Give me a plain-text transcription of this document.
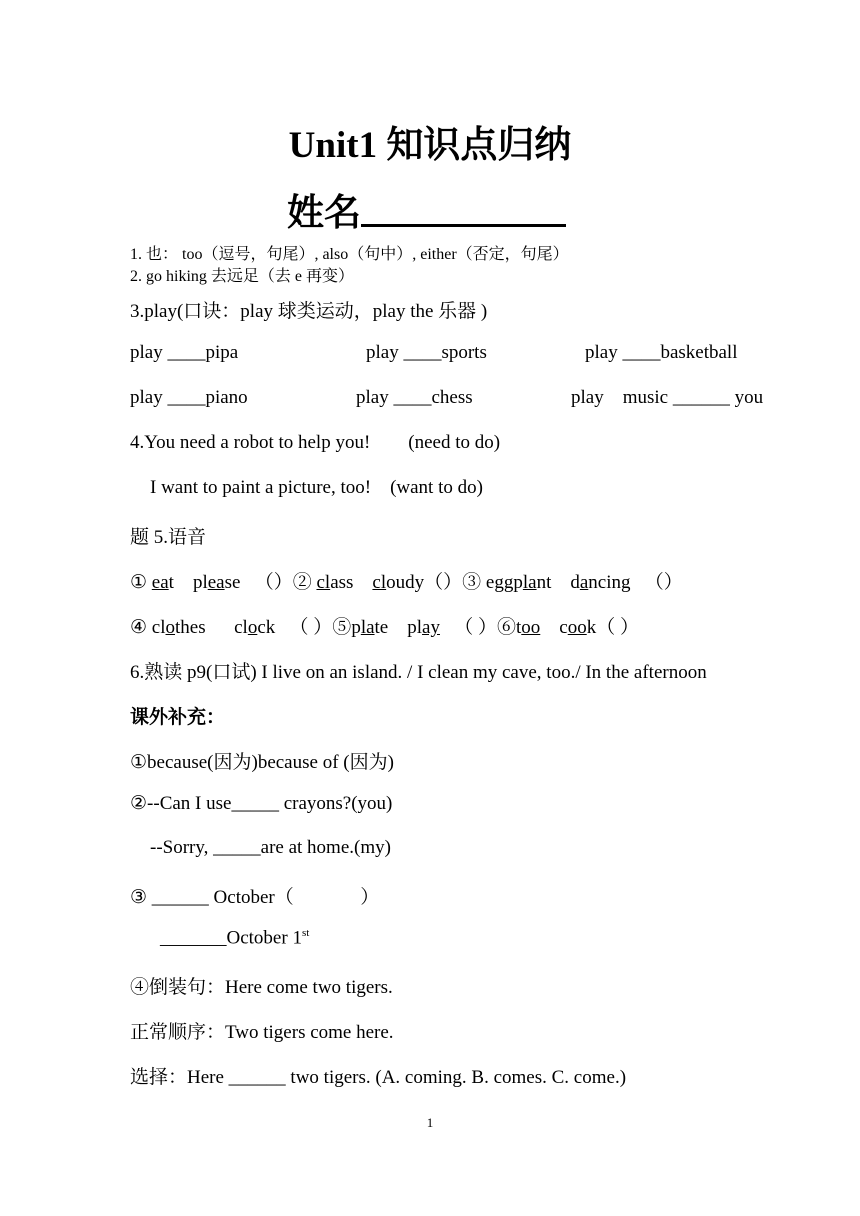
Unit1 知识点归纳
姓名
1. 也： too（逗号，句尾）, also（句中）, either（否定，句尾）
2. go hiking 去远足（去 e 再变）
3.play(口诀：play 球类运动，play the 乐器 )
play ____pipa	play ____sports	play ____basketball
play ____piano	play ____chess	play    music ______ you
4.You need a robot to help you!        (need to do)
I want to paint a picture, too!    (want to do)
题 5.语音
① eat please （）② class cloudy（）③ eggplant dancing （）
④ clothes clock （ ）⑤plate play （ ）⑥too cook（ ）
6.熟读 p9(口试) I live on an island. / I clean my cave, too./ In the afternoon
课外补充：
①because(因为)because of (因为)
②--Can I use_____ crayons?(you)
--Sorry, _____are at home.(my)
③ ______ October（              ）
_______October 1st
④倒装句：Here come two tigers.
正常顺序：Two tigers come here.
选择：Here ______ two tigers. (A. coming. B. comes. C. come.)
1
